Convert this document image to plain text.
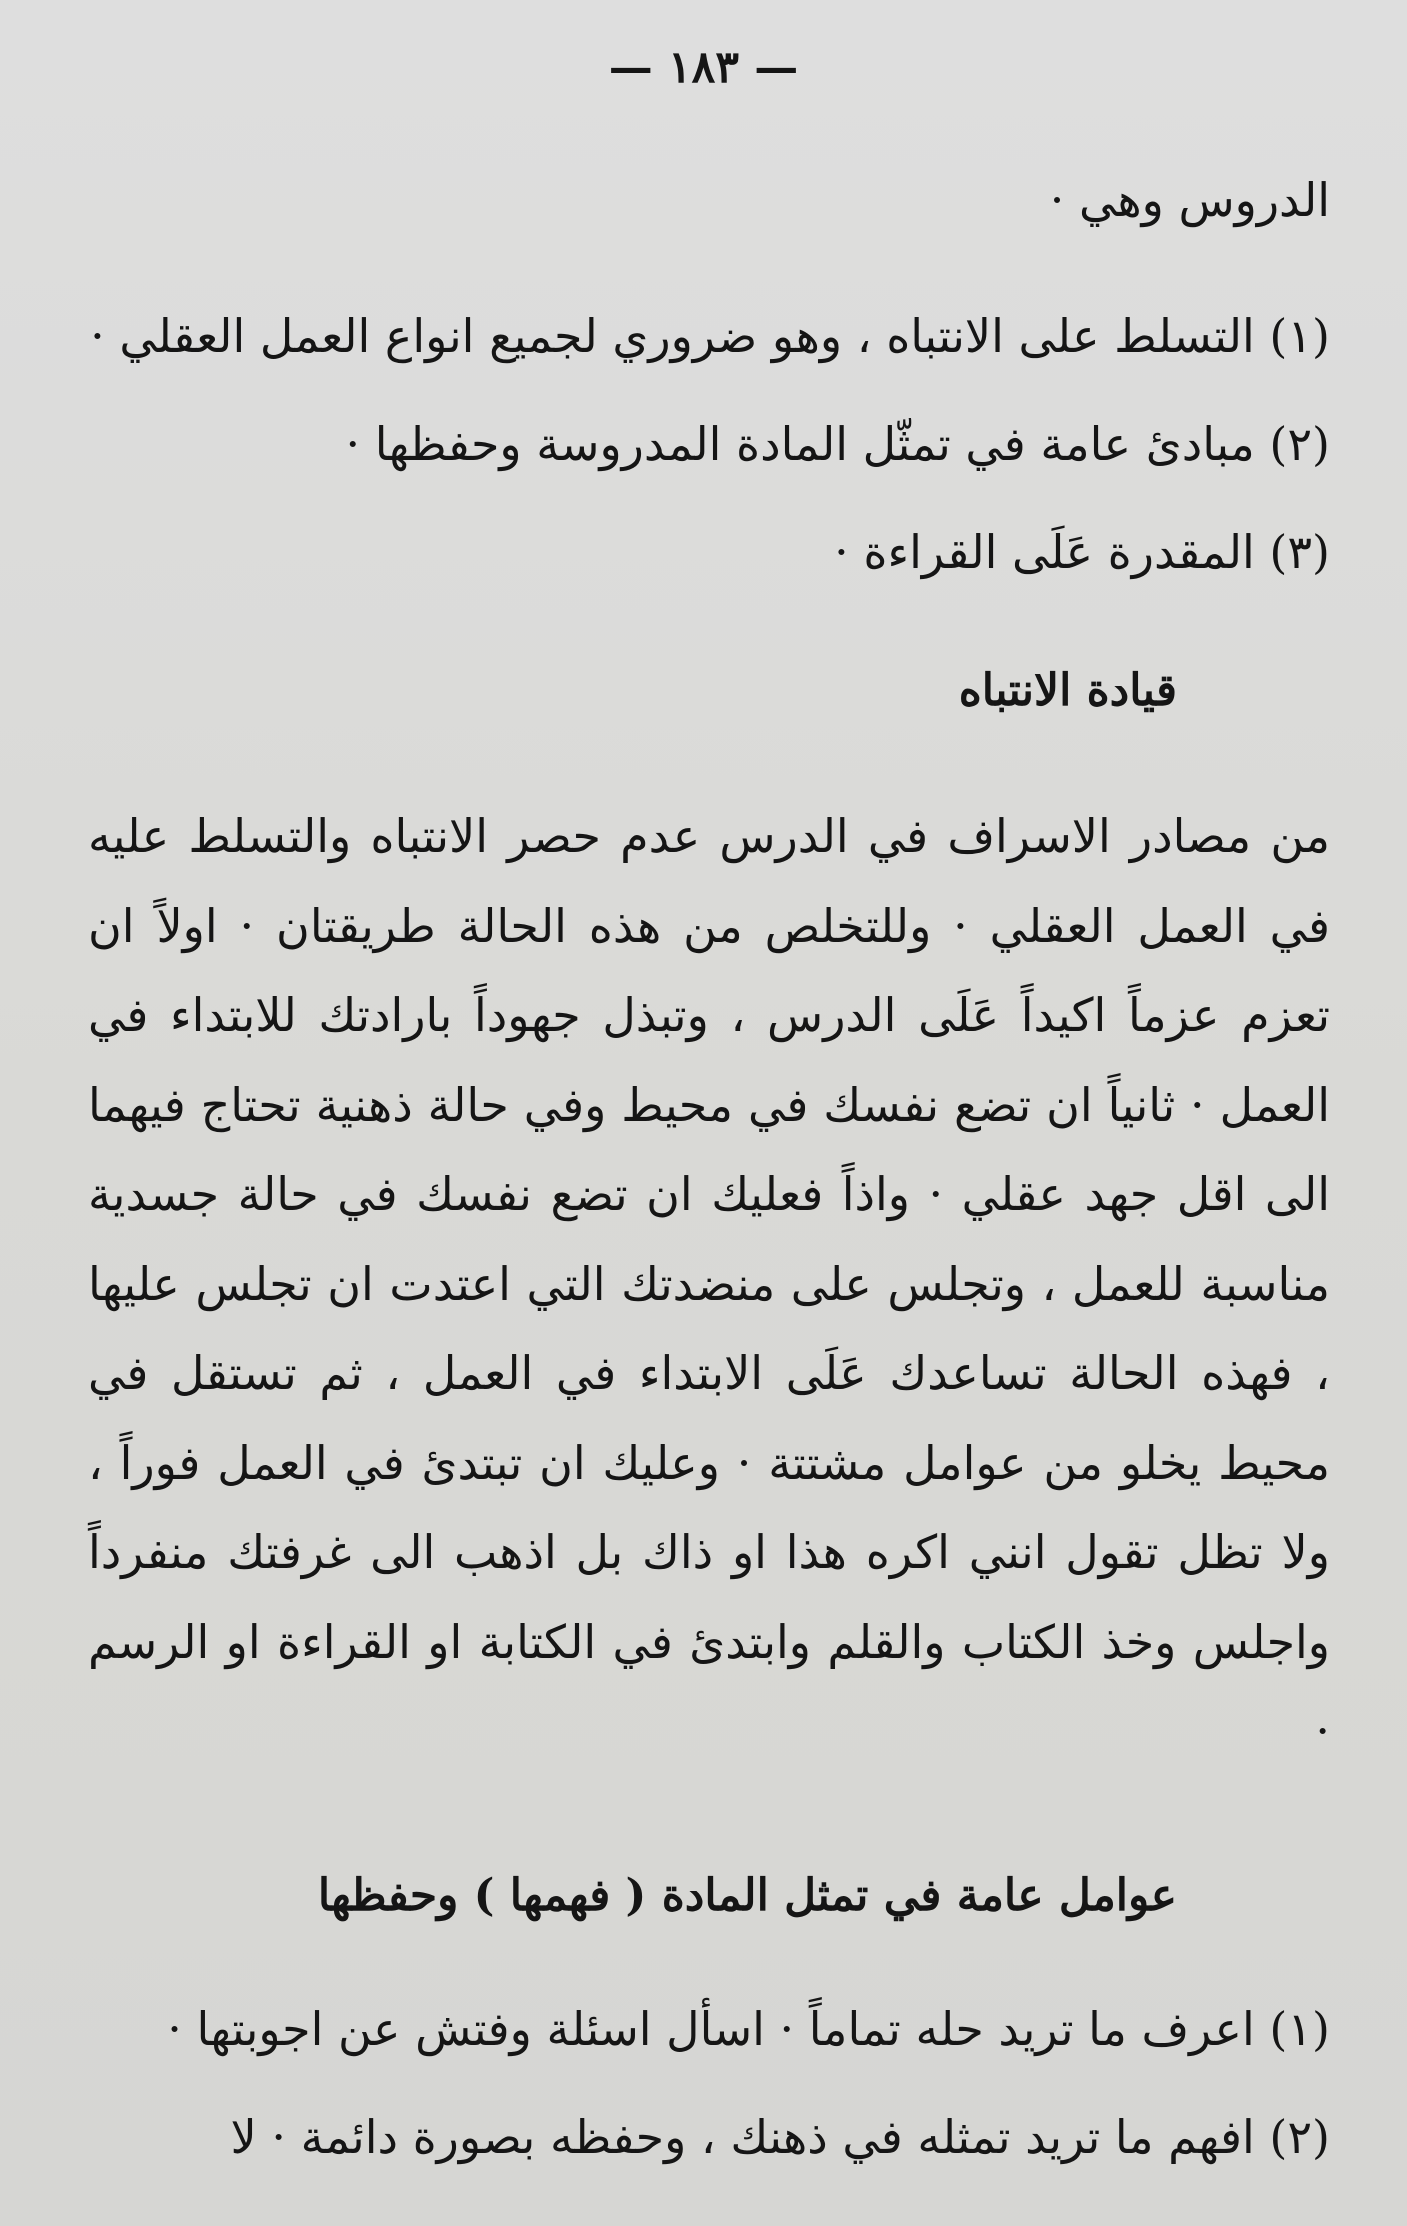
— ١٨٣ —
الدروس وهي ·
(١) التسلط على الانتباه ، وهو ضروري لجميع انواع العمل العقلي ·
(٢) مبادئ عامة في تمثّل المادة المدروسة وحفظها ·
(٣) المقدرة عَلَى القراءة ·
قيادة الانتباه
من مصادر الاسراف في الدرس عدم حصر الانتباه والتسلط عليه في العمل العقلي · وللتخلص من هذه الحالة طريقتان · اولاً ان تعزم عزماً اكيداً عَلَى الدرس ، وتبذل جهوداً بارادتك للابتداء في العمل · ثانياً ان تضع نفسك في محيط وفي حالة ذهنية تحتاج فيهما الى اقل جهد عقلي · واذاً فعليك ان تضع نفسك في حالة جسدية مناسبة للعمل ، وتجلس على منضدتك التي اعتدت ان تجلس عليها ، فهذه الحالة تساعدك عَلَى الابتداء في العمل ، ثم تستقل في محيط يخلو من عوامل مشتتة · وعليك ان تبتدئ في العمل فوراً ، ولا تظل تقول انني اكره هذا او ذاك بل اذهب الى غرفتك منفرداً واجلس وخذ الكتاب والقلم وابتدئ في الكتابة او القراءة او الرسم ·
عوامل عامة في تمثل المادة ( فهمها ) وحفظها
(١) اعرف ما تريد حله تماماً · اسأل اسئلة وفتش عن اجوبتها ·
(٢) افهم ما تريد تمثله في ذهنك ، وحفظه بصورة دائمة · لا
